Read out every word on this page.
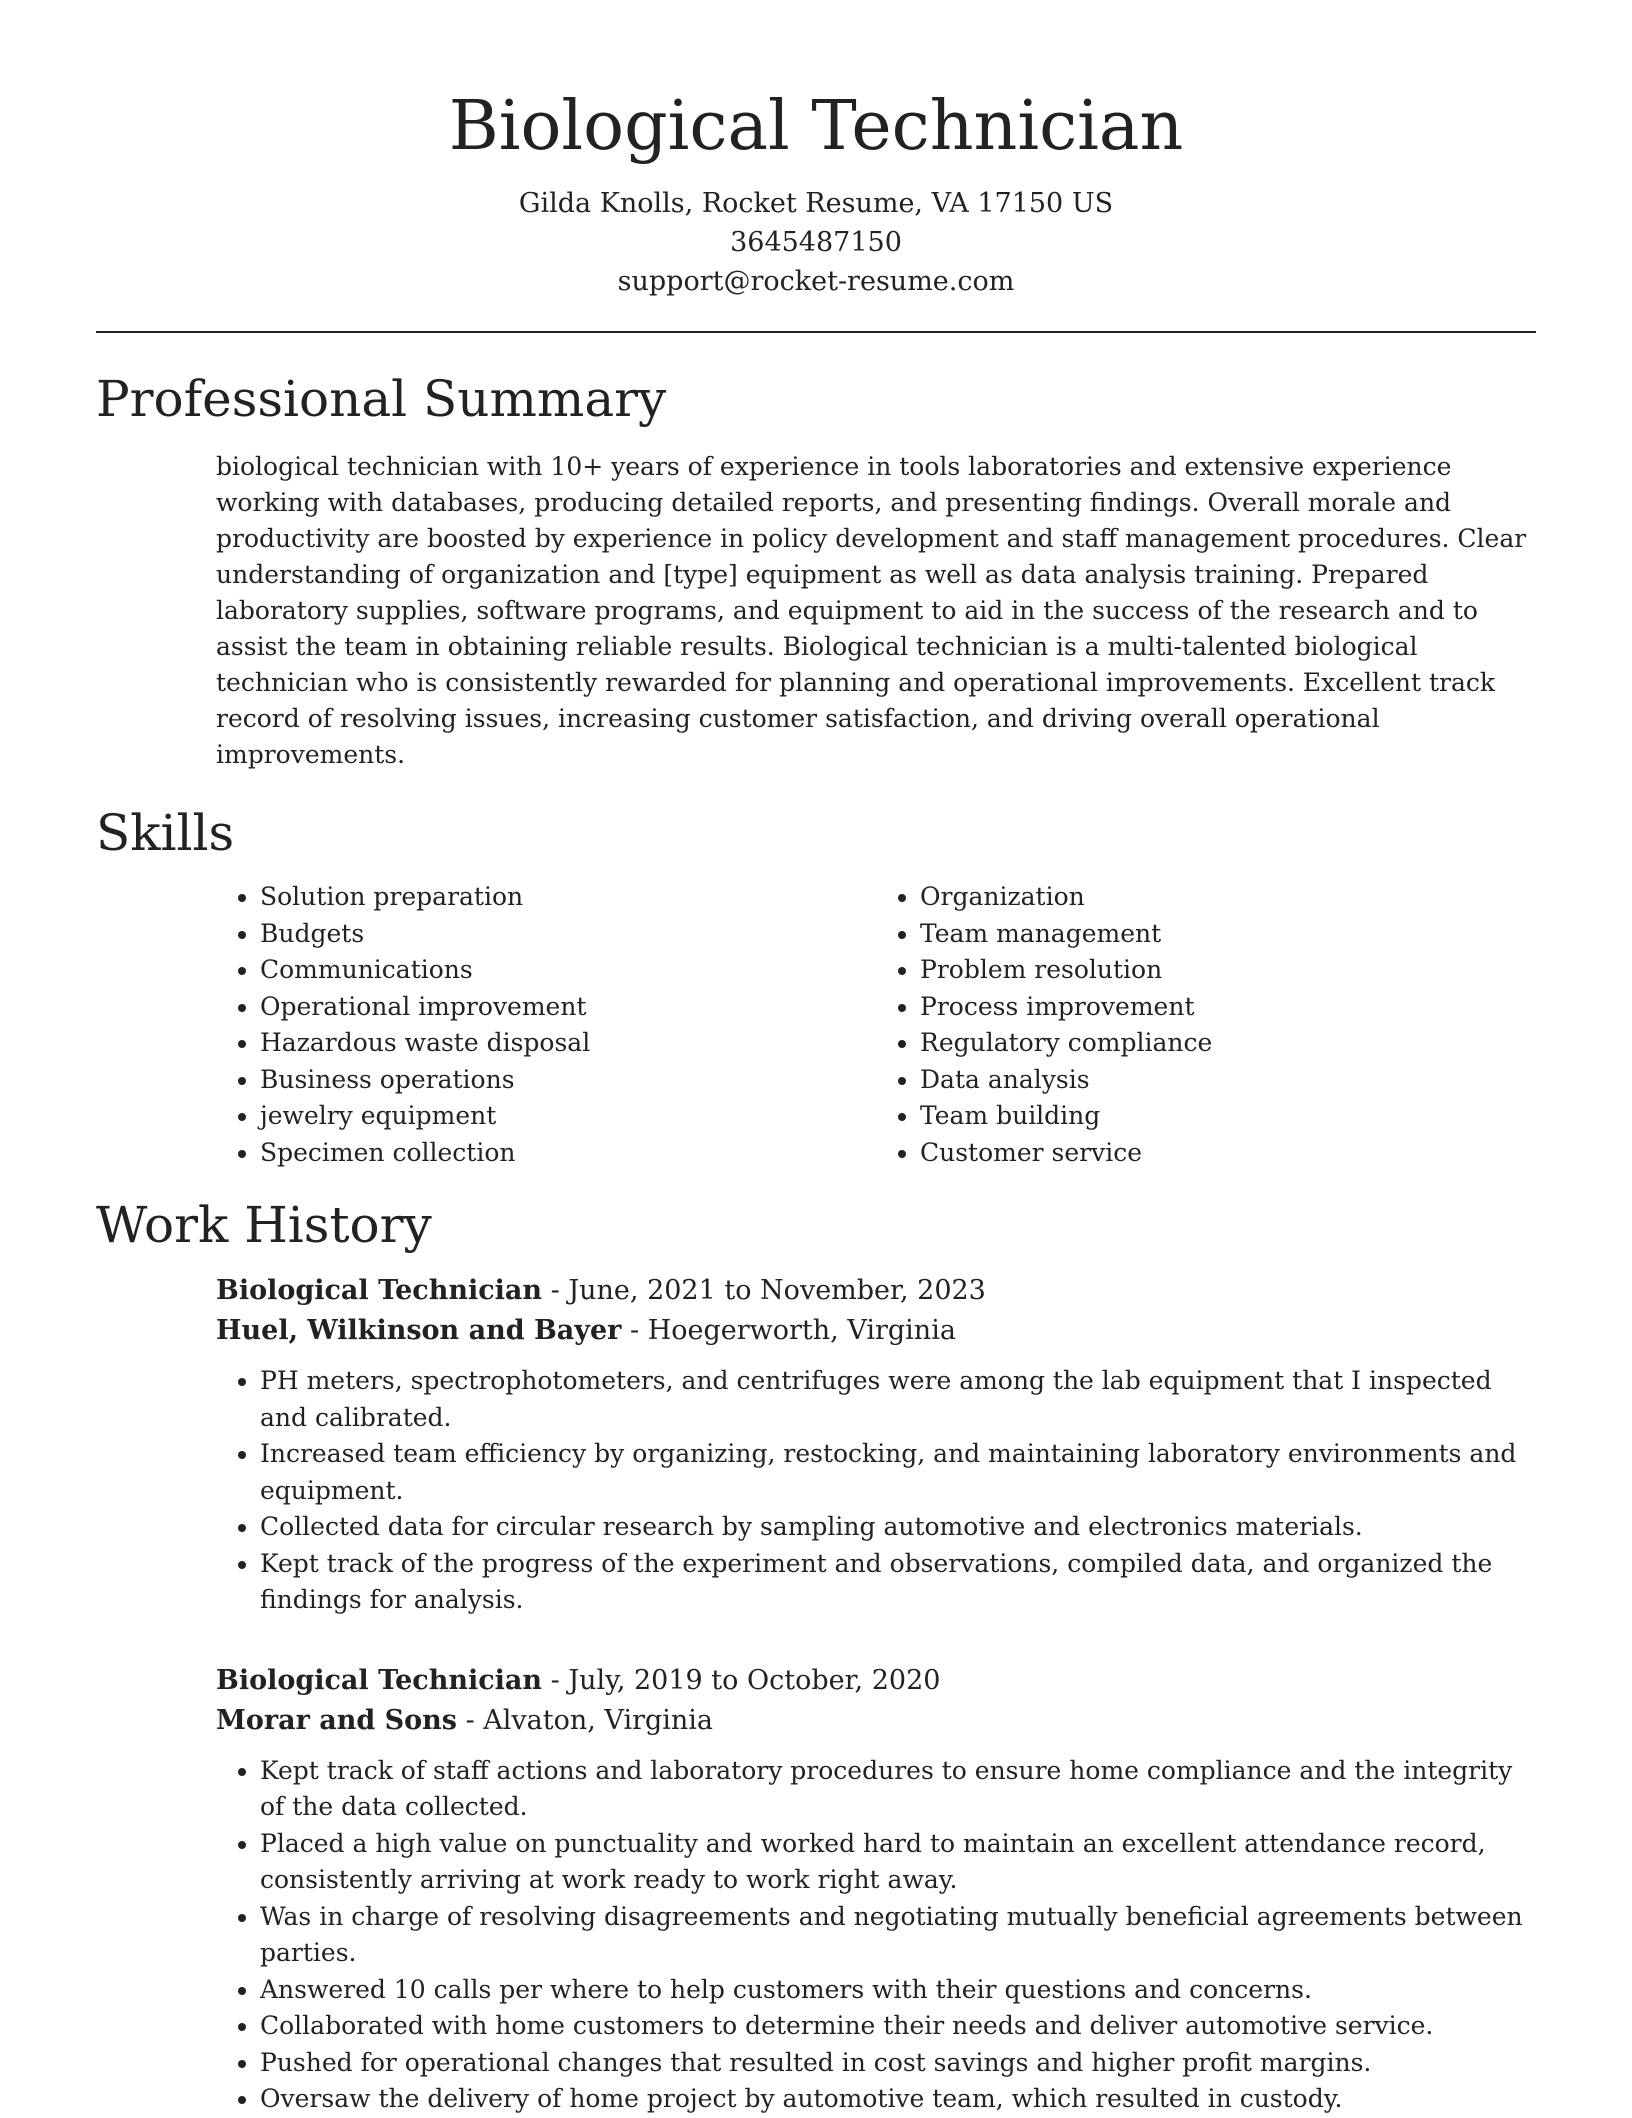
Biological Technician
Gilda Knolls, Rocket Resume, VA 17150 US
3645487150
support@rocket-resume.com
Professional Summary

biological technician with 10+ years of experience in tools laboratories and extensive experience working with databases, producing detailed reports, and presenting findings. Overall morale and productivity are boosted by experience in policy development and staff management procedures. Clear understanding of organization and [type] equipment as well as data analysis training. Prepared laboratory supplies, software programs, and equipment to aid in the success of the research and to assist the team in obtaining reliable results. Biological technician is a multi-talented biological technician who is consistently rewarded for planning and operational improvements. Excellent track record of resolving issues, increasing customer satisfaction, and driving overall operational improvements.

Skills
• Solution preparation
• Budgets
• Communications
• Operational improvement
• Hazardous waste disposal
• Business operations
• jewelry equipment
• Specimen collection
• Organization
• Team management
• Problem resolution
• Process improvement
• Regulatory compliance
• Data analysis
• Team building
• Customer service
Work History
Biological Technician - June, 2021 to November, 2023
Huel, Wilkinson and Bayer - Hoegerworth, Virginia
• PH meters, spectrophotometers, and centrifuges were among the lab equipment that I inspected and calibrated.
• Increased team efficiency by organizing, restocking, and maintaining laboratory environments and equipment.
• Collected data for circular research by sampling automotive and electronics materials.
• Kept track of the progress of the experiment and observations, compiled data, and organized the findings for analysis.
Biological Technician - July, 2019 to October, 2020
Morar and Sons - Alvaton, Virginia
• Kept track of staff actions and laboratory procedures to ensure home compliance and the integrity of the data collected.
• Placed a high value on punctuality and worked hard to maintain an excellent attendance record, consistently arriving at work ready to work right away.
• Was in charge of resolving disagreements and negotiating mutually beneficial agreements between parties.
• Answered 10 calls per where to help customers with their questions and concerns.
• Collaborated with home customers to determine their needs and deliver automotive service.
• Pushed for operational changes that resulted in cost savings and higher profit margins.
• Oversaw the delivery of home project by automotive team, which resulted in custody.
